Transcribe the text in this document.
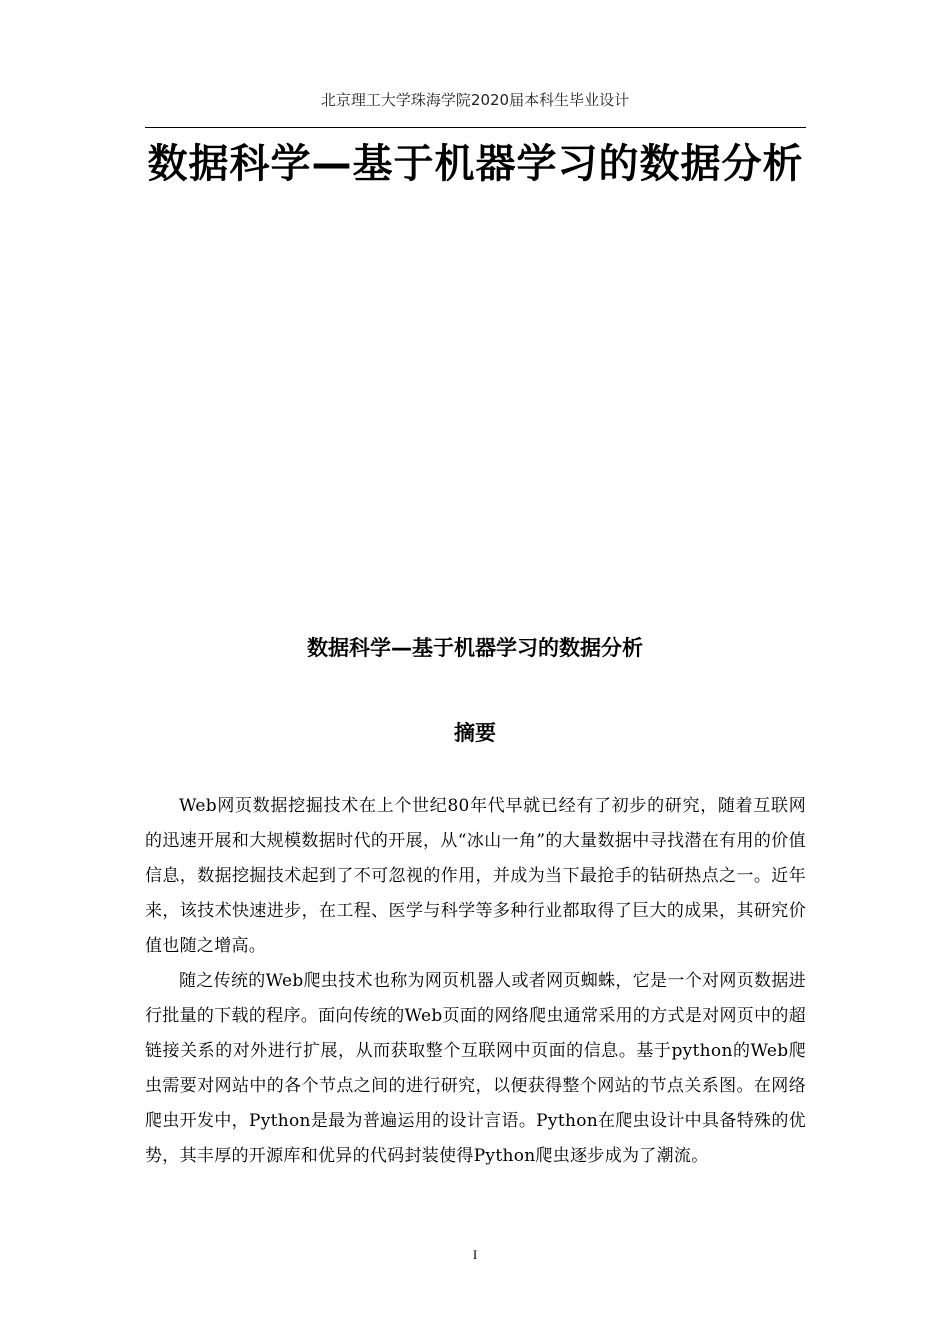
北京理工大学珠海学院2020届本科生毕业设计
数据科学—基于机器学习的数据分析
数据科学—基于机器学习的数据分析
摘要

Web网页数据挖掘技术在上个世纪80年代早就已经有了初步的研究，随着互联网的迅速开展和大规模数据时代的开展，从“冰山一角”的大量数据中寻找潜在有用的价值信息，数据挖掘技术起到了不可忽视的作用，并成为当下最抢手的钻研热点之一。近年来，该技术快速进步，在工程、医学与科学等多种行业都取得了巨大的成果，其研究价值也随之增高。

随之传统的Web爬虫技术也称为网页机器人或者网页蜘蛛，它是一个对网页数据进行批量的下载的程序。面向传统的Web页面的网络爬虫通常采用的方式是对网页中的超链接关系的对外进行扩展，从而获取整个互联网中页面的信息。基于python的Web爬虫需要对网站中的各个节点之间的进行研究，以便获得整个网站的节点关系图。在网络爬虫开发中，Python是最为普遍运用的设计言语。Python在爬虫设计中具备特殊的优势，其丰厚的开源库和优异的代码封装使得Python爬虫逐步成为了潮流。

I
